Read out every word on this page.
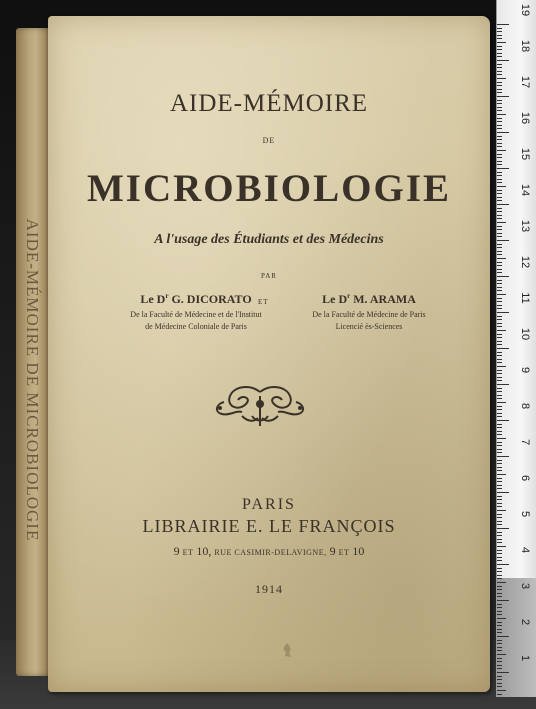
AIDE-MÉMOIRE DE MICROBIOLOGIE
AIDE-MÉMOIRE
DE
MICROBIOLOGIE
A l'usage des Étudiants et des Médecins
PAR
Le $D^r$ G. DICORATO
De la Faculté de Médecine et de l'Institut
de Médecine Coloniale de Paris
ET	Le $D^r$ M. ARAMA
De la Faculté de Médecine de Paris
Licencié ès-Sciences
PARIS
LIBRAIRIE E. LE FRANÇOIS
9 ET 10, RUE CASIMIR-DELAVIGNE, 9 ET 10
1914
19
18
17
16
15
14
13
12
11
10
9
8
7
6
5
4
3
2
1
